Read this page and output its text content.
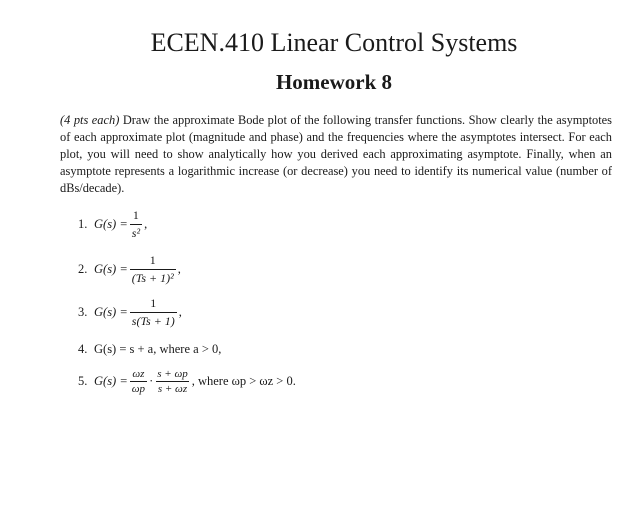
ECEN.410 Linear Control Systems
Homework 8
(4 pts each) Draw the approximate Bode plot of the following transfer functions. Show clearly the asymptotes of each approximate plot (magnitude and phase) and the frequencies where the asymptotes intersect. For each plot, you will need to show analytically how you derived each approximating asymptote. Finally, when an asymptote represents a logarithmic increase (or decrease) you need to identify its numerical value (number of dBs/decade).
1. $G(s) = \frac{1}{\text{s²}}$ ,
2. $G(s) = \frac{1}{\text{(Ts + 1)²}}$ ,
3. $G(s) = \frac{1}{s(Ts + 1)}$ ,
4. G(s) = s + a, where a > 0,
5. $G(s) = \frac{\omega z}{\omega p} \cdot \frac{s + \omega p}{s + \omega z}$ , where ωp > ωz > 0.
